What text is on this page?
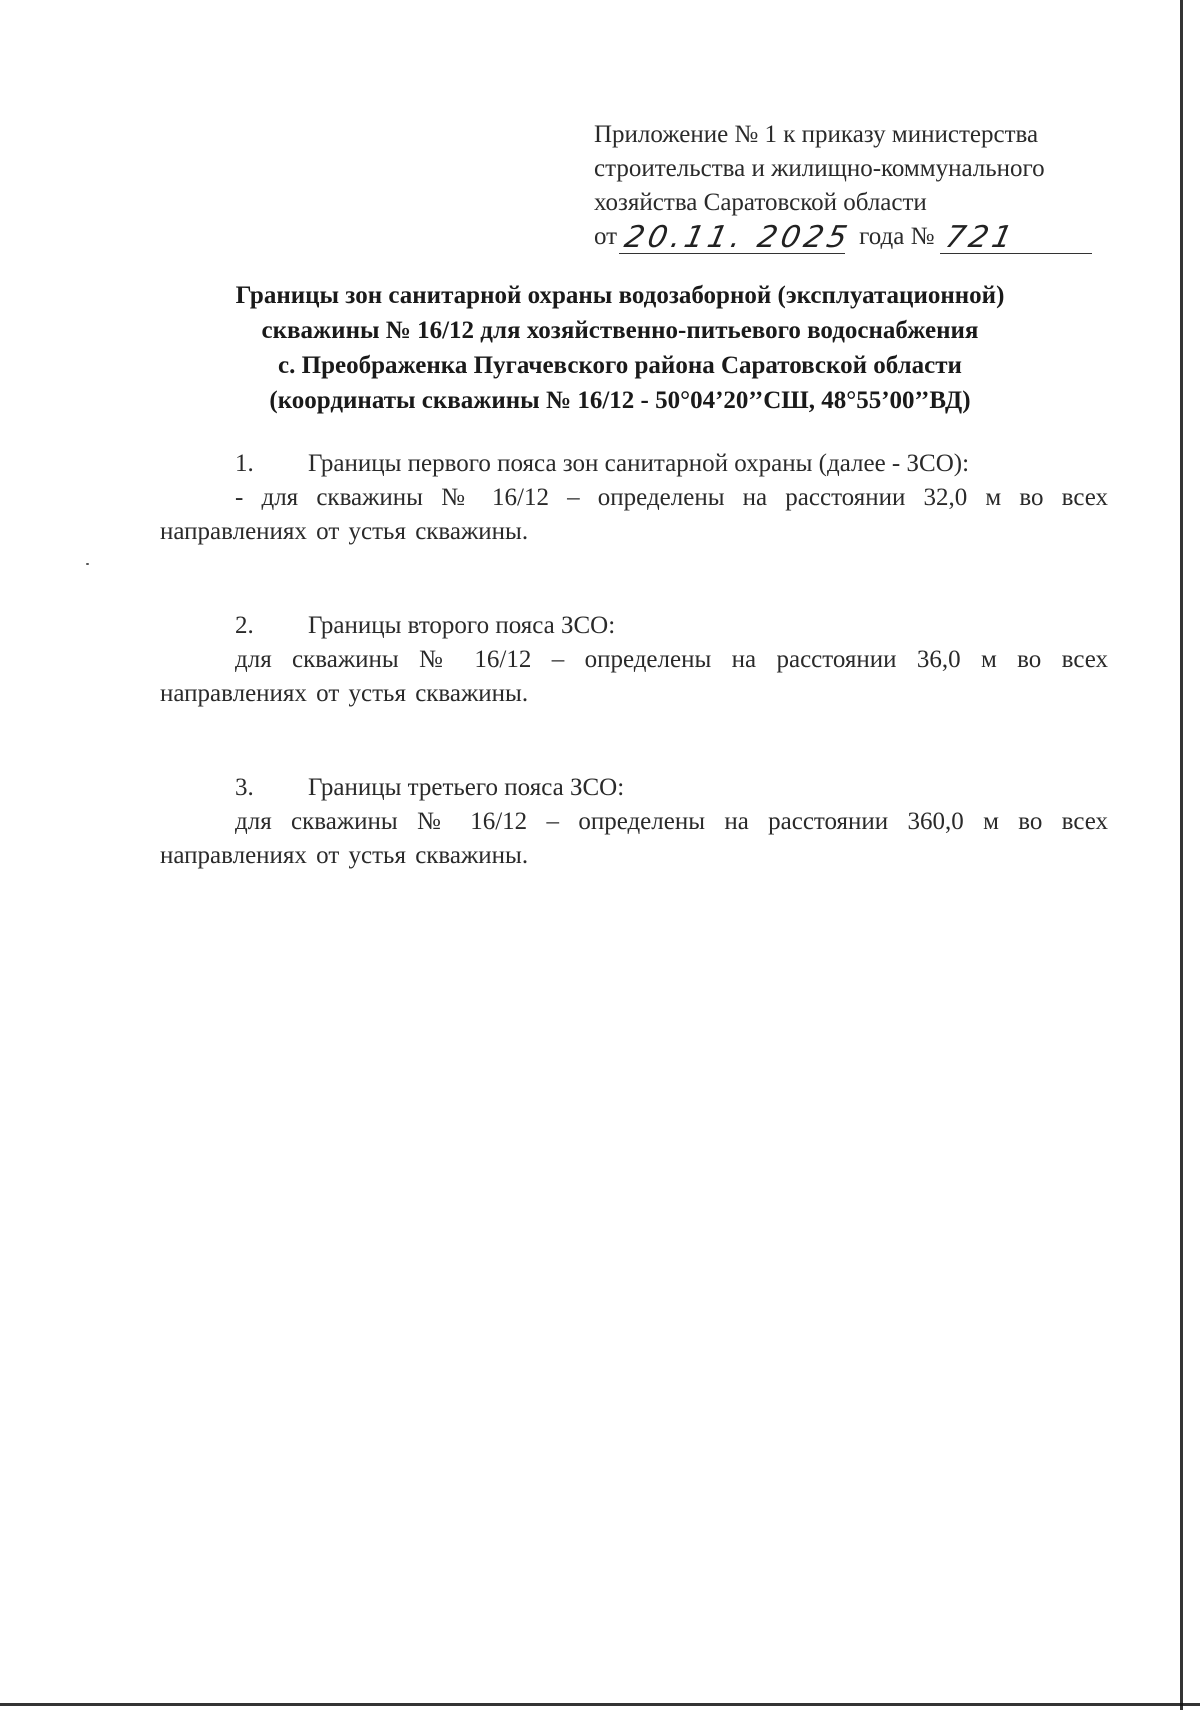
Приложение № 1 к приказу министерства
строительства и жилищно-коммунального
хозяйства Саратовской области
от 20.11. 2025 года № 721
Границы зон санитарной охраны водозаборной (эксплуатационной)
скважины № 16/12 для хозяйственно-питьевого водоснабжения
с. Преображенка Пугачевского района Саратовской области
(координаты скважины № 16/12 - 50°04’20’’СШ, 48°55’00’’ВД)
1.	Границы первого пояса зон санитарной охраны (далее - ЗСО):

- для скважины № 16/12 – определены на расстоянии 32,0 м во всех направлениях от устья скважины.

2.	Границы второго пояса ЗСО:

для скважины № 16/12 – определены на расстоянии 36,0 м во всех направлениях от устья скважины.

3.	Границы третьего пояса ЗСО:

для скважины № 16/12 – определены на расстоянии 360,0 м во всех направлениях от устья скважины.
